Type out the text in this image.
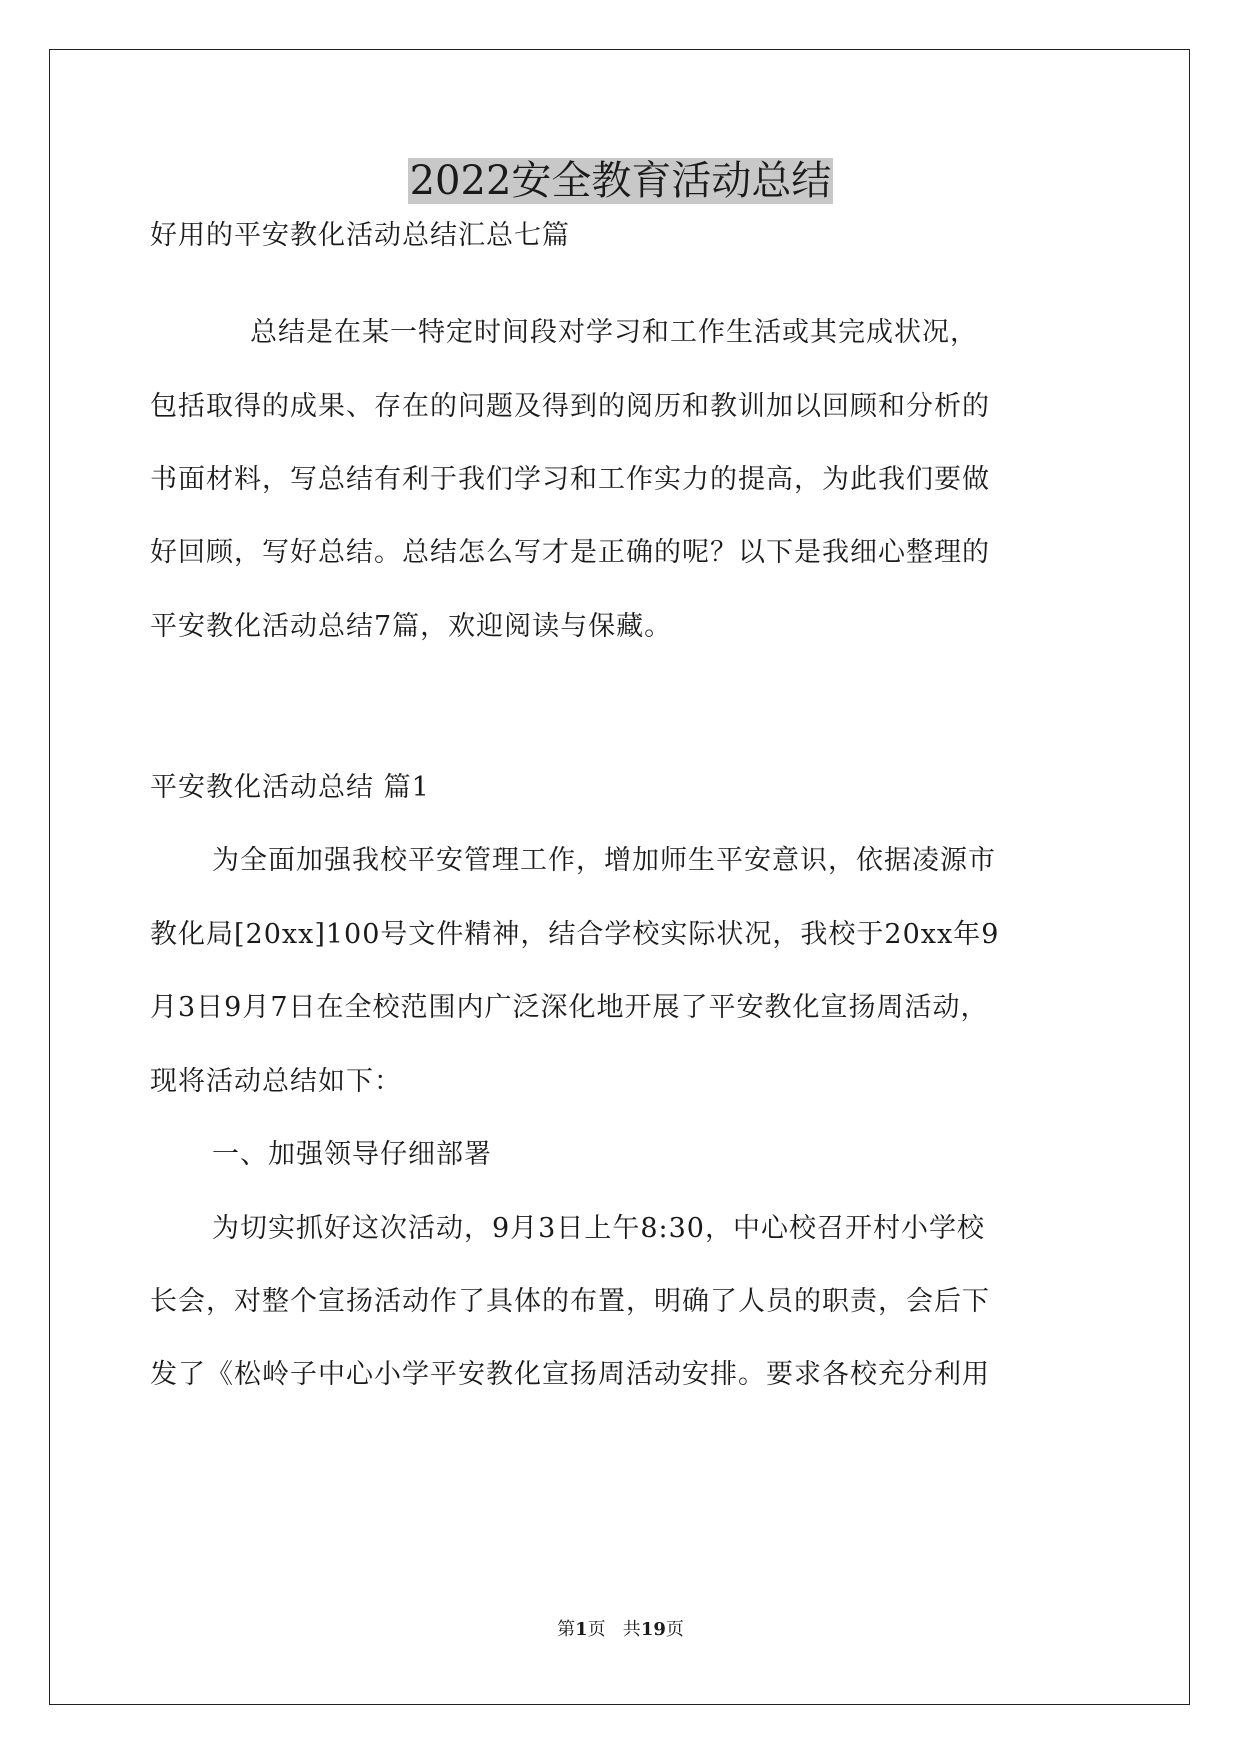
2022安全教育活动总结
好用的平安教化活动总结汇总七篇
总结是在某一特定时间段对学习和工作生活或其完成状况，
包括取得的成果、存在的问题及得到的阅历和教训加以回顾和分析的
书面材料，写总结有利于我们学习和工作实力的提高，为此我们要做
好回顾，写好总结。总结怎么写才是正确的呢？以下是我细心整理的
平安教化活动总结7篇，欢迎阅读与保藏。
平安教化活动总结 篇1
为全面加强我校平安管理工作，增加师生平安意识，依据凌源市
教化局[20xx]100号文件精神，结合学校实际状况，我校于20xx年9
月3日9月7日在全校范围内广泛深化地开展了平安教化宣扬周活动，
现将活动总结如下：
一、加强领导仔细部署
为切实抓好这次活动，9月3日上午8:30，中心校召开村小学校
长会，对整个宣扬活动作了具体的布置，明确了人员的职责，会后下
发了《松岭子中心小学平安教化宣扬周活动安排。要求各校充分利用
第1页   共19页
